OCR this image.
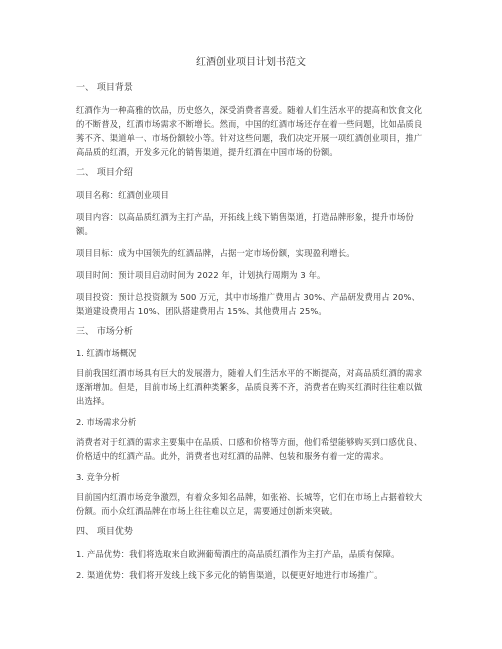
红酒创业项目计划书范文
一、 项目背景

红酒作为一种高雅的饮品，历史悠久，深受消费者喜爱。随着人们生活水平的提高和饮食文化的不断普及，红酒市场需求不断增长。然而，中国的红酒市场还存在着一些问题，比如品质良莠不齐、渠道单一、市场份额较小等。针对这些问题，我们决定开展一项红酒创业项目，推广高品质的红酒，开发多元化的销售渠道，提升红酒在中国市场的份额。

二、 项目介绍

项目名称：红酒创业项目

项目内容：以高品质红酒为主打产品，开拓线上线下销售渠道，打造品牌形象，提升市场份额。

项目目标：成为中国领先的红酒品牌，占据一定市场份额，实现盈利增长。

项目时间：预计项目启动时间为 2022 年，计划执行周期为 3 年。

项目投资：预计总投资额为 500 万元，其中市场推广费用占 30%、产品研发费用占 20%、渠道建设费用占 10%、团队搭建费用占 15%、其他费用占 25%。

三、 市场分析
1. 红酒市场概况

目前我国红酒市场具有巨大的发展潜力，随着人们生活水平的不断提高，对高品质红酒的需求逐渐增加。但是，目前市场上红酒种类繁多，品质良莠不齐，消费者在购买红酒时往往难以做出选择。

2. 市场需求分析

消费者对于红酒的需求主要集中在品质、口感和价格等方面，他们希望能够购买到口感优良、价格适中的红酒产品。此外，消费者也对红酒的品牌、包装和服务有着一定的需求。

3. 竞争分析

目前国内红酒市场竞争激烈，有着众多知名品牌，如张裕、长城等，它们在市场上占据着较大份额。而小众红酒品牌在市场上往往难以立足，需要通过创新来突破。

四、 项目优势

1. 产品优势：我们将选取来自欧洲葡萄酒庄的高品质红酒作为主打产品，品质有保障。

2. 渠道优势：我们将开发线上线下多元化的销售渠道，以便更好地进行市场推广。
